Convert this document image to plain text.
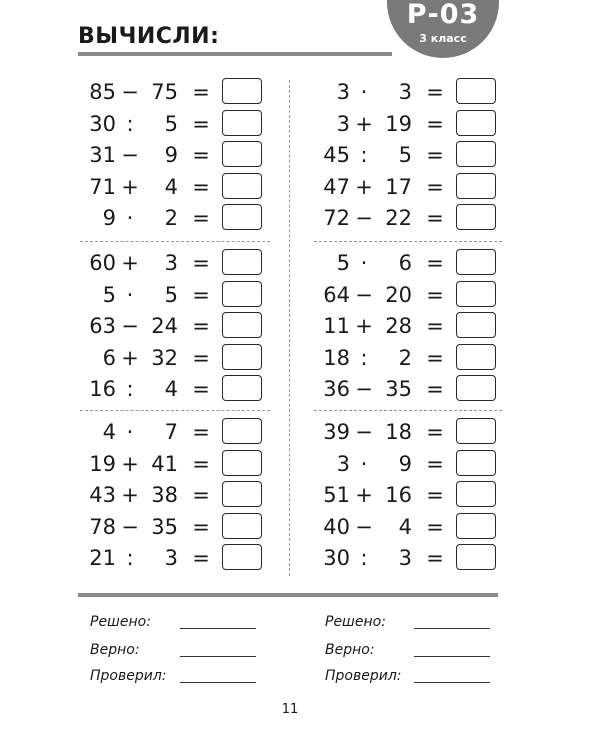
ВЫЧИСЛИ:
Р-03
3 класс
85 − 75 =
30 :	5 =
31 −	9 =
71 +	4 =
9 ·	2 =
60 +	3 =
5 ·	5 =
63 − 24 =
6 + 32 =
16 :	4 =
4 ·	7 =
19 + 41 =
43 + 38 =
78 − 35 =
21 :	3 =
3 ·	3 =
3 + 19 =
45 :	5 =
47 + 17 =
72 − 22 =
5 ·	6 =
64 − 20 =
11 + 28 =
18 :	2 =
36 − 35 =
39 − 18 =
3 ·	9 =
51 + 16 =
40 −	4 =
30 :	3 =
Решено:
Верно:
Проверил:
Решено:
Верно:
Проверил:
11
